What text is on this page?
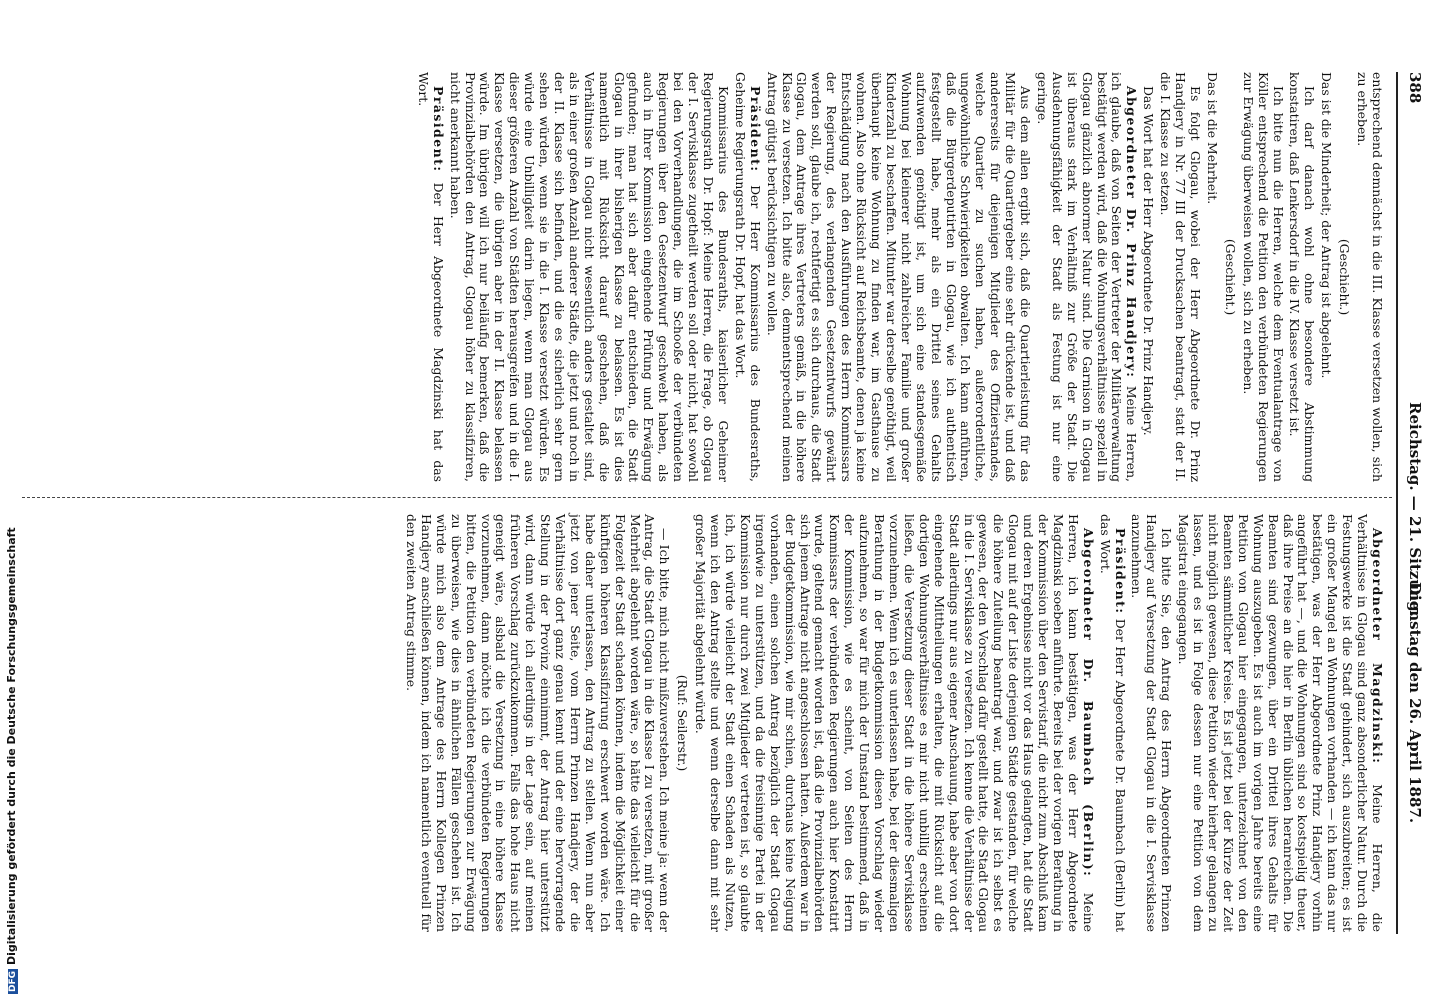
DFGDigitalisierung gefördert durch die Deutsche Forschungsgemeinschaft
388
Reichstag. — 21. Sitzung.
Dienstag den 26. April 1887.

entsprechend demnächst in die III. Klasse versetzen wollen, sich zu erheben.

(Geschieht.)

Das ist die Minderheit; der Antrag ist abgelehnt.

Ich darf danach wohl ohne besondere Abstimmung konstatiren, daß Lenkersdorf in die IV. Klasse versetzt ist.

Ich bitte nun die Herren, welche dem Eventualantrage von Köller entsprechend die Petition den verbündeten Regierungen zur Erwägung überweisen wollen, sich zu erheben.

(Geschieht.)

Das ist die Mehrheit.

Es folgt Glogau, wobei der Herr Abgeordnete Dr. Prinz Handjery in Nr. 77 III der Drucksachen beantragt, statt der II. die I. Klasse zu setzen.

Das Wort hat der Herr Abgeordnete Dr. Prinz Handjery.

Abgeordneter Dr. Prinz Handjery: Meine Herren, ich glaube, daß von Seiten der Vertreter der Militärverwaltung bestätigt werden wird, daß die Wohnungsverhältnisse speziell in Glogau gänzlich abnormer Natur sind. Die Garnison in Glogau ist überaus stark im Verhältniß zur Größe der Stadt. Die Ausdehnungsfähigkeit der Stadt als Festung ist nur eine geringe.

Aus dem allen ergibt sich, daß die Quartierleistung für das Militär für die Quartiergeber eine sehr drückende ist, und daß andererseits für diejenigen Mitglieder des Offizierstandes, welche Quartier zu suchen haben, außerordentliche, ungewöhnliche Schwierigkeiten obwalten. Ich kann anführen, daß die Bürgerdeputirten in Glogau, wie ich authentisch festgestellt habe, mehr als ein Drittel seines Gehalts aufzuwenden genöthigt ist, um sich eine standesgemäße Wohnung bei kleinerer nicht zahlreicher Familie und großer Kinderzahl zu beschaffen. Mitunter war derselbe genöthigt, weil überhaupt keine Wohnung zu finden war, im Gasthause zu wohnen. Also ohne Rücksicht auf Reichsbeamte, denen ja keine Entschädigung nach den Ausführungen des Herrn Kommissars der Regierung, des verlangenden Gesetzentwurfs gewährt werden soll, glaube ich, rechtfertigt es sich durchaus, die Stadt Glogau, dem Antrage ihres Vertreters gemäß, in die höhere Klasse zu versetzen. Ich bitte also, demnentsprechend meinen Antrag gütigst berücksichtigen zu wollen.

Präsident: Der Herr Kommissarius des Bundesraths, Geheime Regierungsrath Dr. Hopf, hat das Wort.

Kommissarius des Bundesraths, kaiserlicher Geheimer Regierungsrath Dr. Hopf: Meine Herren, die Frage, ob Glogau der I. Servisklasse zugetheilt werden soll oder nicht, hat sowohl bei den Vorverhandlungen, die im Schooße der verbündeten Regierungen über den Gesetzentwurf geschwebt haben, als auch in Ihrer Kommission eingehende Prüfung und Erwägung gefunden; man hat sich aber dafür entschieden, die Stadt Glogau in ihrer bisherigen Klasse zu belassen. Es ist dies namentlich mit Rücksicht darauf geschehen, daß die Verhältnisse in Glogau nicht wesentlich anders gestaltet sind, als in einer großen Anzahl anderer Städte, die jetzt und noch in der II. Klasse sich befinden, und die es sicherlich sehr gern sehen würden, wenn sie in die I. Klasse versetzt würden. Es würde eine Unbilligkeit darin liegen, wenn man Glogau aus dieser größeren Anzahl von Städten herausgreifen und in die I. Klasse versetzen, die übrigen aber in der II. Klasse belassen würde. Im übrigen will ich nur beiläufig bemerken, daß die Provinzialbehörden den Antrag, Glogau höher zu klassifiziren, nicht anerkannt haben.

Präsident: Der Herr Abgeordnete Magdzinski hat das Wort.

Abgeordneter Magdzinski: Meine Herren, die Verhältnisse in Glogau sind ganz absonderlicher Natur. Durch die Festungswerke ist die Stadt gehindert, sich auszubreiten; es ist ein großer Mangel an Wohnungen vorhanden — ich kann das nur bestätigen, was der Herr Abgeordnete Prinz Handjery vorhin angeführt hat —, und die Wohnungen sind so kostspielig theuer, daß ihre Preise an die hier in Berlin üblichen heranreichen. Die Beamten sind gezwungen, über ein Drittel ihres Gehalts für Wohnung auszugeben. Es ist auch im vorigen Jahre bereits eine Petition von Glogau hier eingegangen, unterzeichnet von den Beamten sämmtlicher Kreise. Es ist jetzt bei der Kürze der Zeit nicht möglich gewesen, diese Petition wieder hierher gelangen zu lassen, und es ist in Folge dessen nur eine Petition von dem Magistrat eingegangen.

Ich bitte Sie, den Antrag des Herrn Abgeordneten Prinzen Handjery auf Versetzung der Stadt Glogau in die I. Servisklasse anzunehmen.

Präsident: Der Herr Abgeordnete Dr. Baumbach (Berlin) hat das Wort.

Abgeordneter Dr. Baumbach (Berlin): Meine Herren, ich kann bestätigen, was der Herr Abgeordnete Magdzinski soeben anführte. Bereits bei der vorigen Berathung in der Kommission über den Servistarif, die nicht zum Abschluß kam und deren Ergebnisse nicht vor das Haus gelangten, hat die Stadt Glogau mit auf der Liste derjenigen Städte gestanden, für welche die höhere Zuteilung beantragt war, und zwar ist ich selbst es gewesen, der den Vorschlag dafür gestellt hatte, die Stadt Glogau in die I. Servisklasse zu versetzen. Ich kenne die Verhältnisse der Stadt allerdings nur aus eigener Anschauung, habe aber von dort eingehende Mittheilungen erhalten, die mit Rücksicht auf die dortigen Wohnungsverhältnisse es mir nicht unbillig erscheinen ließen, die Versetzung dieser Stadt in die höhere Servisklasse vorzunehmen. Wenn ich es unterlassen habe, bei der diesmaligen Berathung in der Budgetkommission diesen Vorschlag wieder aufzunehmen, so war für mich der Umstand bestimmend, daß in der Kommission, wie es scheint, von Seiten des Herrn Kommissars der verbündeten Regierungen auch hier Konstatirt wurde, geltend gemacht worden ist, daß die Provinzialbehörden sich jenem Antrage nicht angeschlossen hatten. Außerdem war in der Budgetkommission, wie mir schien, durchaus keine Neigung vorhanden, einen solchen Antrag bezüglich der Stadt Glogau irgendwie zu unterstützen, und da die freisinnige Partei in der Kommission nur durch zwei Mitglieder vertreten ist, so glaubte ich, ich würde vielleicht der Stadt einen Schaden als Nutzen, wenn ich den Antrag stellte und wenn derselbe dann mit sehr großer Majorität abgelehnt würde.

(Ruf: Seilerstr.)

— Ich bitte, mich nicht mißzuverstehen. Ich meine ja: wenn der Antrag, die Stadt Glogau in die Klasse I zu versetzen, mit großer Mehrheit abgelehnt worden wäre, so hätte das vielleicht für die Folgezeit der Stadt schaden können, indem die Möglichkeit einer künftigen höheren Klassifizirung erschwert worden wäre. Ich habe daher unterlassen, den Antrag zu stellen. Wenn nun aber jetzt von jener Seite, vom Herrn Prinzen Handjery, der die Verhältnisse dort ganz genau kennt und der eine hervorragende Stellung in der Provinz einnimmt, der Antrag hier unterstützt wird, dann würde ich allerdings in der Lage sein, auf meinen früheren Vorschlag zurückzukommen. Falls das hohe Haus nicht geneigt wäre, alsbald die Versetzung in eine höhere Klasse vorzunehmen, dann möchte ich die verbündeten Regierungen bitten, die Petition den verbündeten Regierungen zur Erwägung zu überweisen, wie dies in ähnlichen Fällen geschehen ist. Ich würde mich also dem Antrage des Herrn Kollegen Prinzen Handjery anschließen können, indem ich namentlich eventuell für den zweiten Antrag stimme.
